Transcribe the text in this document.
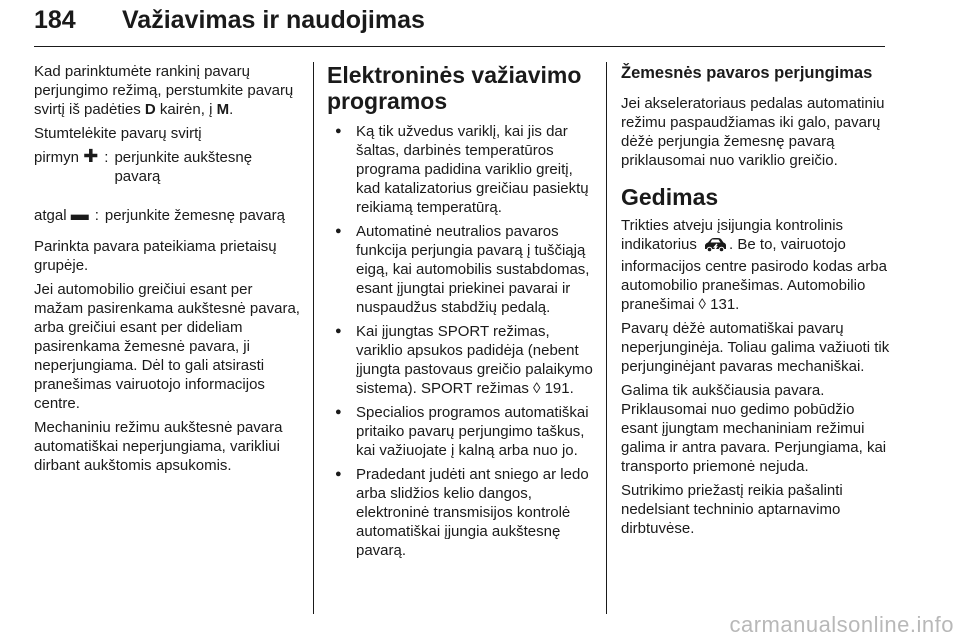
184 Važiavimas ir naudojimas

Kad parinktumėte rankinį pavarų perjungimo režimą, perstumkite pavarų svirtį iš padėties D kairėn, į M.

Stumtelėkite pavarų svirtį

pirmyn ✚ : perjunkite aukštesnę pavarą
atgal ▬ : perjunkite žemesnę pavarą

Parinkta pavara pateikiama prietaisų grupėje.

Jei automobilio greičiui esant per mažam pasirenkama aukštesnė pavara, arba greičiui esant per dideliam pasirenkama žemesnė pavara, ji neperjungiama. Dėl to gali atsirasti pranešimas vairuotojo informacijos centre.

Mechaniniu režimu aukštesnė pavara automatiškai neperjungiama, varikliui dirbant aukštomis apsukomis.

Elektroninės važiavimo programos
● Ką tik užvedus variklį, kai jis dar šaltas, darbinės temperatūros programa padidina variklio greitį, kad katalizatorius greičiau pasiektų reikiamą temperatūrą.
● Automatinė neutralios pavaros funkcija perjungia pavarą į tuščiąją eigą, kai automobilis sustabdomas, esant įjungtai priekinei pavarai ir nuspaudžus stabdžių pedalą.
● Kai įjungtas SPORT režimas, variklio apsukos padidėja (nebent įjungta pastovaus greičio palaikymo sistema). SPORT režimas ◊ 191.
● Specialios programos automatiškai pritaiko pavarų perjungimo taškus, kai važiuojate į kalną arba nuo jo.
● Pradedant judėti ant sniego ar ledo arba slidžios kelio dangos, elektroninė transmisijos kontrolė automatiškai įjungia aukštesnę pavarą.
Žemesnės pavaros perjungimas

Jei akseleratoriaus pedalas automatiniu režimu paspaudžiamas iki galo, pavarų dėžė perjungia žemesnę pavarą priklausomai nuo variklio greičio.

Gedimas

Trikties atveju įsijungia kontrolinis indikatorius . Be to, vairuotojo informacijos centre pasirodo kodas arba automobilio pranešimas. Automobilio pranešimai ◊ 131.

Pavarų dėžė automatiškai pavarų neperjunginėja. Toliau galima važiuoti tik perjunginėjant pavaras mechaniškai.

Galima tik aukščiausia pavara. Priklausomai nuo gedimo pobūdžio esant įjungtam mechaniniam režimui galima ir antra pavara. Perjungiama, kai transporto priemonė nejuda.

Sutrikimo priežastį reikia pašalinti nedelsiant techninio aptarnavimo dirbtuvėse.

carmanualsonline.info
